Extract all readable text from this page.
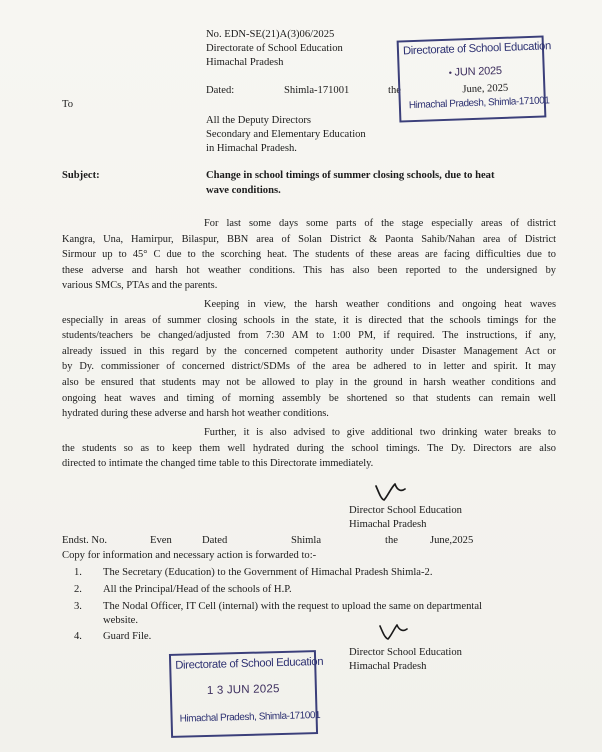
No. EDN-SE(21)A(3)06/2025
Directorate of School Education
Himachal Pradesh
Dated:	Shimla-171001	the
Directorate of School Education
• JUN 2025
June, 2025
Himachal Pradesh, Shimla-171001
To
All the Deputy Directors
Secondary and Elementary Education
in Himachal Pradesh.
Subject:	Change in school timings of summer closing schools, due to heat
wave conditions.
For last some days some parts of the stage especially areas of district
Kangra, Una, Hamirpur, Bilaspur, BBN area of Solan District & Paonta Sahib/Nahan area of District
Sirmour up to 45° C due to the scorching heat. The students of these areas are facing difficulties due to
these adverse and harsh hot weather conditions. This has also been reported to the undersigned by
various SMCs, PTAs and the parents.
Keeping in view, the harsh weather conditions and ongoing heat waves
especially in areas of summer closing schools in the state, it is directed that the schools timings for the
students/teachers be changed/adjusted from 7:30 AM to 1:00 PM, if required. The instructions, if any,
already issued in this regard by the concerned competent authority under Disaster Management Act or
by Dy. commissioner of concerned district/SDMs of the area be adhered to in letter and spirit. It may
also be ensured that students may not be allowed to play in the ground in harsh weather conditions and
ongoing heat waves and timing of morning assembly be shortened so that students can remain well
hydrated during these adverse and harsh hot weather conditions.
Further, it is also advised to give additional two drinking water breaks to
the students so as to keep them well hydrated during the school timings. The Dy. Directors are also
directed to intimate the changed time table to this Directorate immediately.
Director School Education
Himachal Pradesh
Endst. No.	Even	Dated	Shimla	the	June,2025
Copy for information and necessary action is forwarded to:-
1. The Secretary (Education) to the Government of Himachal Pradesh Shimla-2.
2. All the Principal/Head of the schools of H.P.
3. The Nodal Officer, IT Cell (internal) with the request to upload the same on departmental
website.
4. Guard File.
Director School Education
Himachal Pradesh
Directorate of School Education
1 3 JUN 2025
Himachal Pradesh, Shimla-171001
